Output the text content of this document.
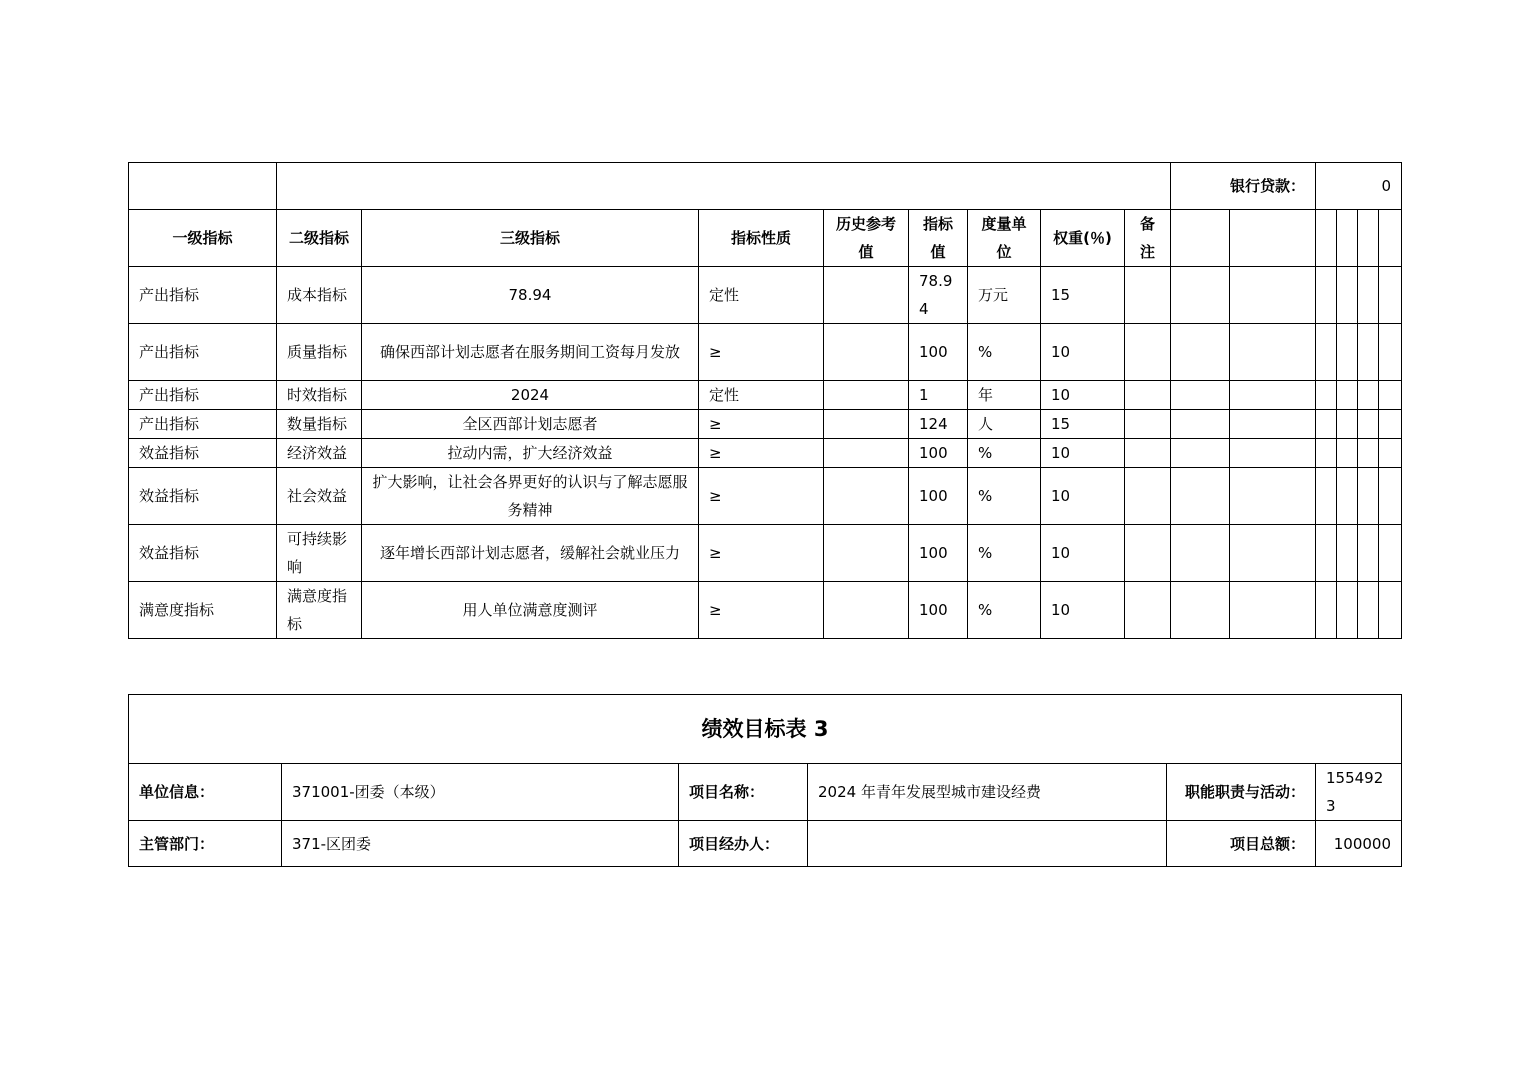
									银行贷款：		0			
一级指标	二级指标	三级指标	指标性质	历史参考值	指标值	度量单位	权重(％)	备注						
产出指标	成本指标	78.94	定性		78.94	万元	15							
产出指标	质量指标	确保西部计划志愿者在服务期间工资每月发放	≥		100	%	10							
产出指标	时效指标	2024	定性		1	年	10							
产出指标	数量指标	全区西部计划志愿者	≥		124	人	15							
效益指标	经济效益	拉动内需，扩大经济效益	≥		100	%	10							
效益指标	社会效益	扩大影响，让社会各界更好的认识与了解志愿服务精神	≥		100	%	10							
效益指标	可持续影响	逐年增长西部计划志愿者，缓解社会就业压力	≥		100	%	10							
满意度指标	满意度指标	用人单位满意度测评	≥		100	%	10							
绩效目标表 3					
单位信息：	371001-团委（本级）	项目名称：	2024 年青年发展型城市建设经费	职能职责与活动：	1554923
主管部门：	371-区团委	项目经办人：		项目总额：	100000
